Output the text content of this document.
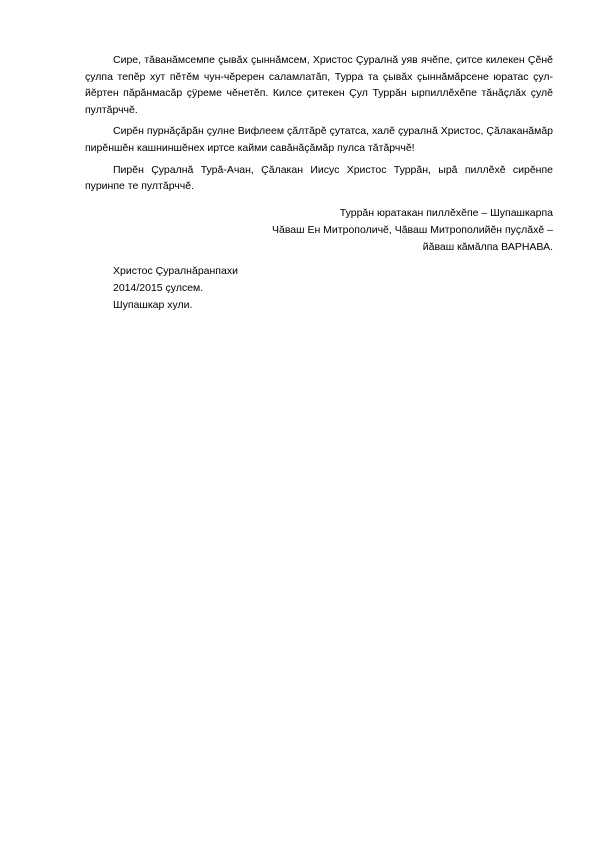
Сире, тăванăмсемпе çывăх çыннăмсем, Христос Çуралнă уяв ячĕпе, çитсе килекен Çĕнĕ çулпа тепĕр хут пĕтĕм чун-чĕререн саламлатăп, Турра та çывăх çыннăмăрсене юратас çул-йĕртен пăрăнмасăр çÿреме чĕнетĕп. Килсе çитекен Çул Туррăн ырпиллĕхĕпе тăнăçлăх çулĕ пултăрччĕ.

Сирĕн пурнăçăрăн çулне Вифлеем çăлтăрĕ çутатса, халĕ çуралнă Христос, Çăлаканăмăр пирĕншĕн кашниншĕнех иртсе кайми савăнăçăмăр пулса тăтăрччĕ!

Пирĕн Çуралнă Турă-Ачан, Çăлакан Иисус Христос Туррăн, ырă пиллĕхĕ сирĕнпе пуринпе те пултăрччĕ.

Туррăн юратакан пиллĕхĕпе – Шупашкарпа
Чăваш Ен Митрополичĕ, Чăваш Митрополийĕн пуçлăхĕ –
йăваш кăмăлпа ВАРНАВА.
Христос Çуралнăранпахи
2014/2015 çулсем.
Шупашкар хули.
